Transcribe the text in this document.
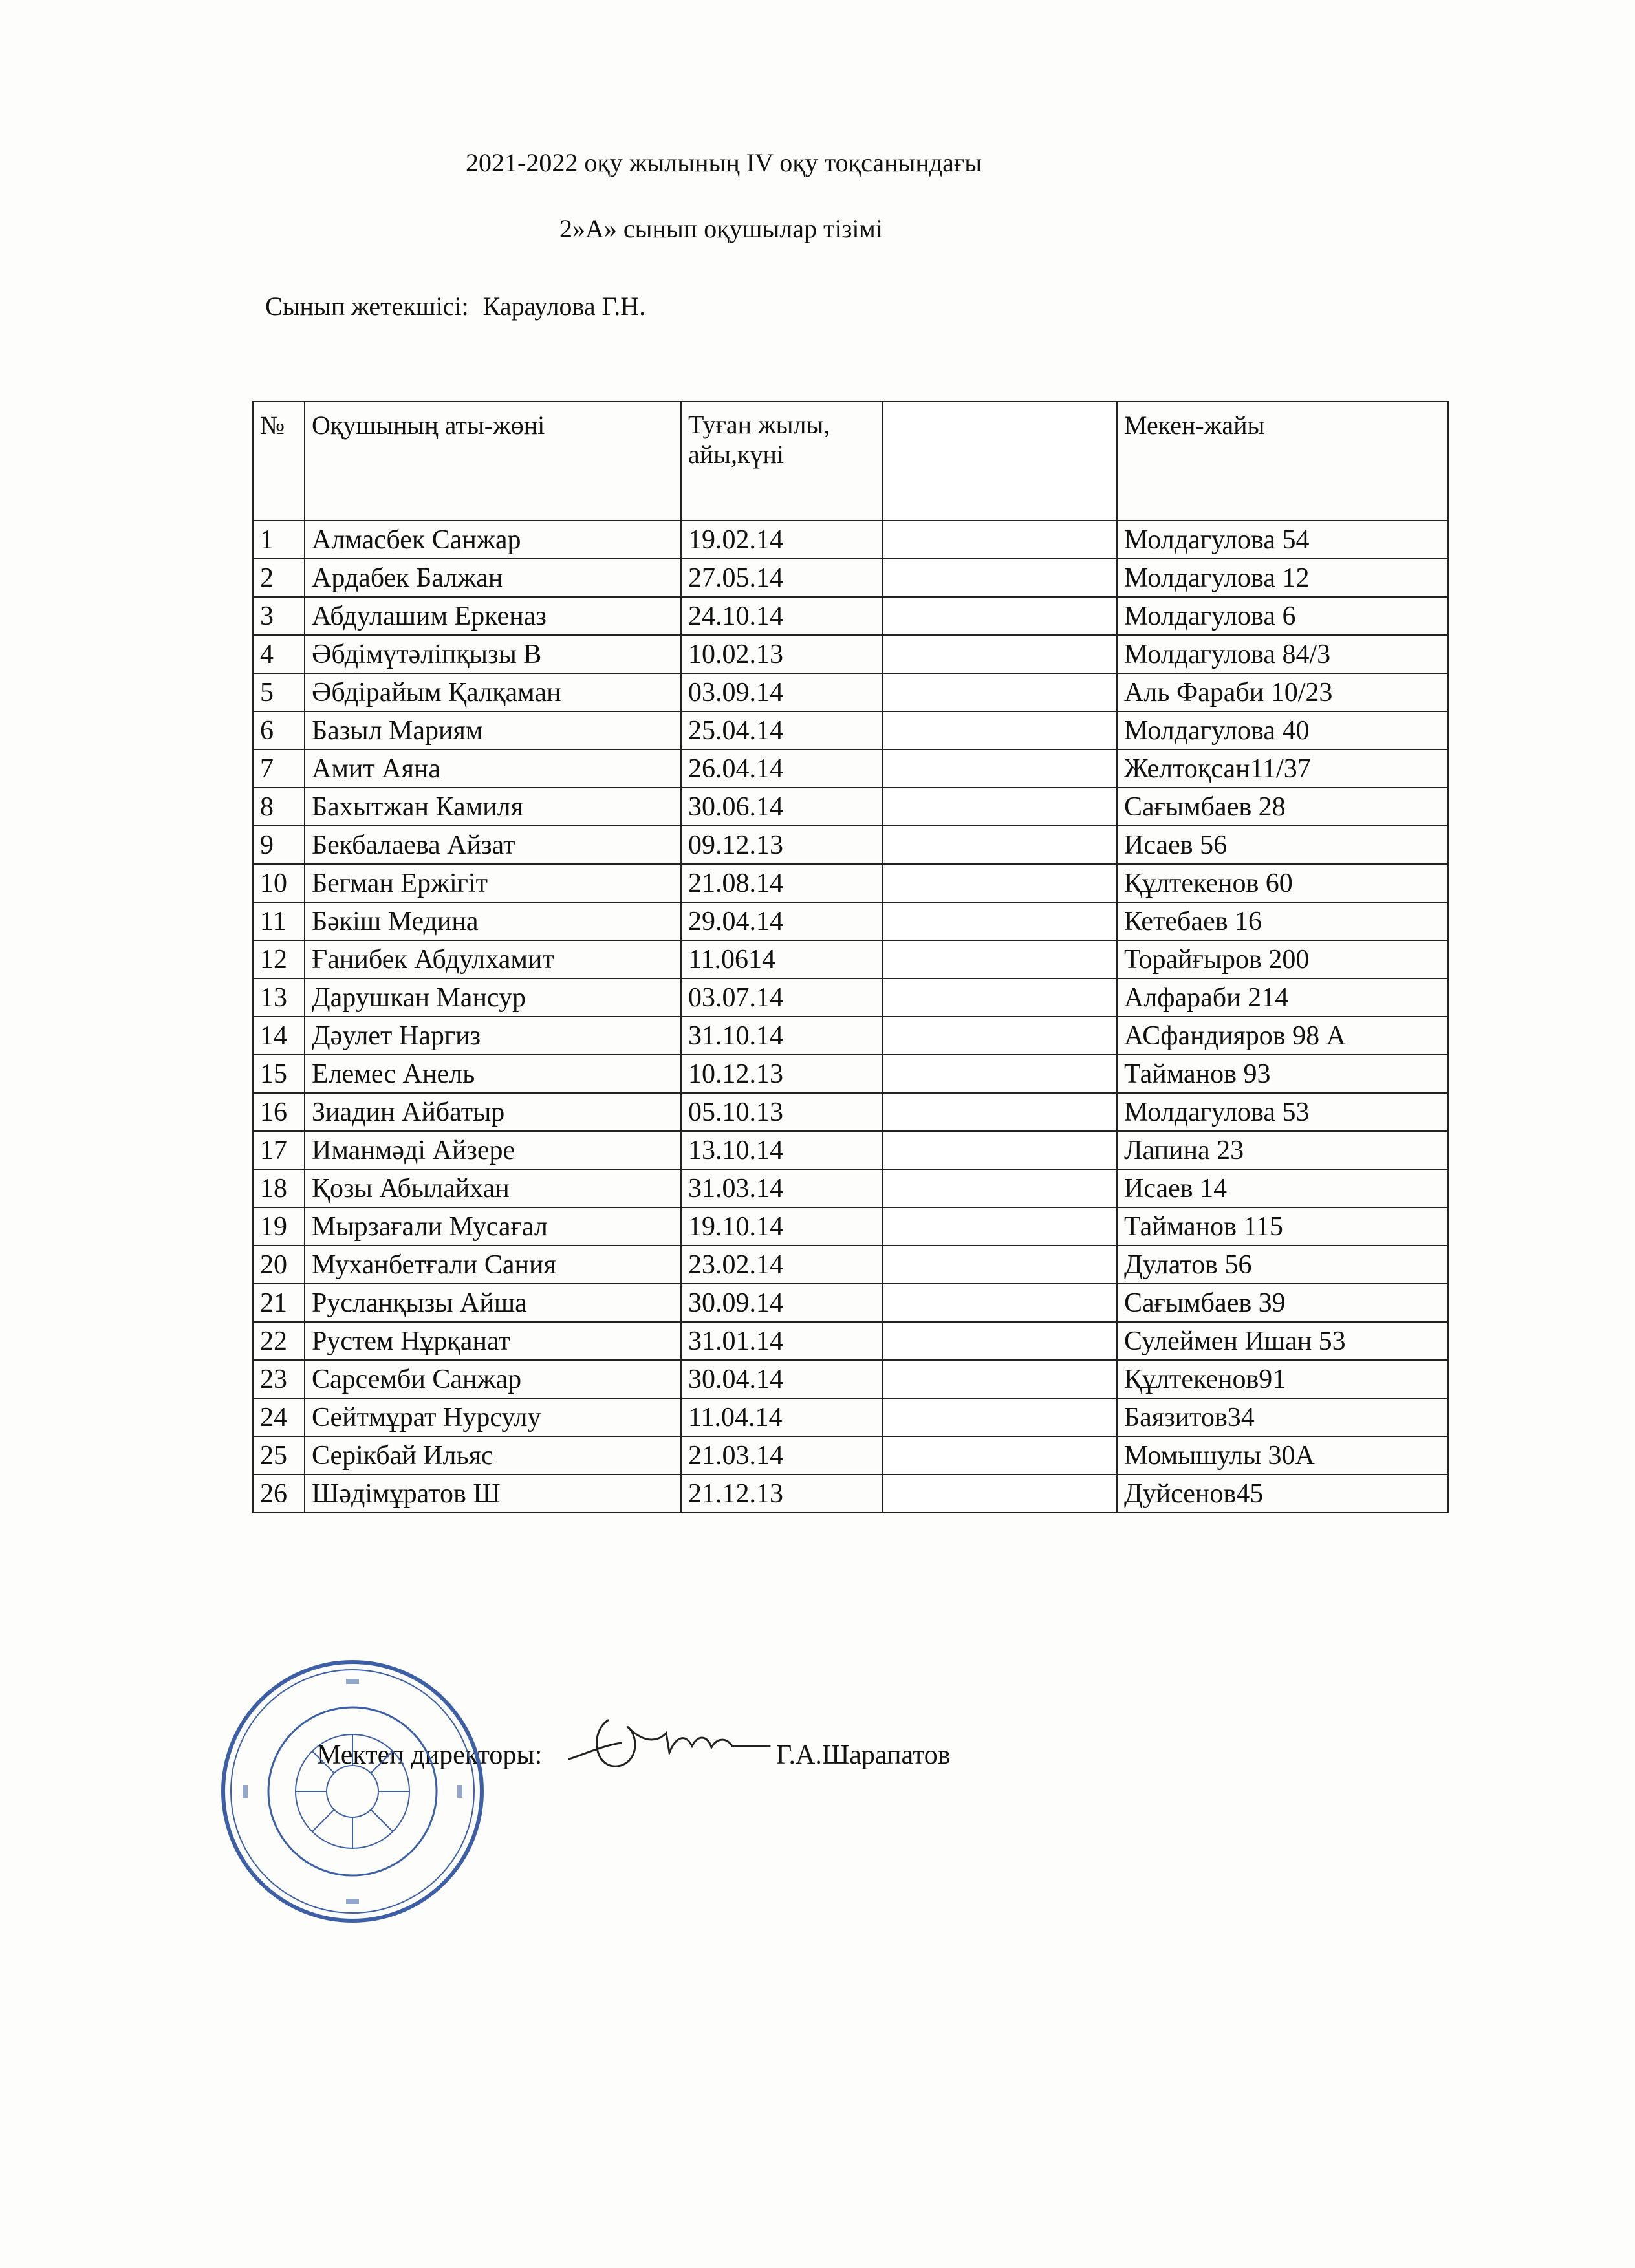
2021-2022 оқу жылының IV оқу тоқсанындағы
2»А» сынып оқушылар тізімі
Сынып жетекшісі: Караулова Г.Н.
№	Оқушының аты-жөні	Туған жылы, айы,күні		Мекен-жайы
1	Алмасбек Санжар	19.02.14		Молдагулова 54
2	Ардабек Балжан	27.05.14		Молдагулова 12
3	Абдулашим Еркеназ	24.10.14		Молдагулова 6
4	Әбдімүтәліпқызы В	10.02.13		Молдагулова 84/3
5	Әбдірайым Қалқаман	03.09.14		Аль Фараби 10/23
6	Базыл Мариям	25.04.14		Молдагулова 40
7	Амит Аяна	26.04.14		Желтоқсан11/37
8	Бахытжан Камиля	30.06.14		Сағымбаев 28
9	Бекбалаева Айзат	09.12.13		Исаев 56
10	Бегман Ержігіт	21.08.14		Құлтекенов 60
11	Бәкіш Медина	29.04.14		Кетебаев 16
12	Ғанибек Абдулхамит	11.0614		Торайғыров 200
13	Дарушкан Мансур	03.07.14		Алфараби 214
14	Дәулет Наргиз	31.10.14		АСфандияров 98 А
15	Елемес Анель	10.12.13		Тайманов 93
16	Зиадин Айбатыр	05.10.13		Молдагулова 53
17	Иманмәді Айзере	13.10.14		Лапина 23
18	Қозы Абылайхан	31.03.14		Исаев 14
19	Мырзағали Мусағал	19.10.14		Тайманов 115
20	Муханбетғали Сания	23.02.14		Дулатов 56
21	Русланқызы Айша	30.09.14		Сағымбаев 39
22	Рустем Нұрқанат	31.01.14		Сулеймен Ишан 53
23	Сарсемби Санжар	30.04.14		Құлтекенов91
24	Сейтмұрат Нурсулу	11.04.14		Баязитов34
25	Серікбай Ильяс	21.03.14		Момышулы 30А
26	Шәдімұратов Ш	21.12.13		Дуйсенов45
Мектеп директоры:	Г.А.Шарапатов
